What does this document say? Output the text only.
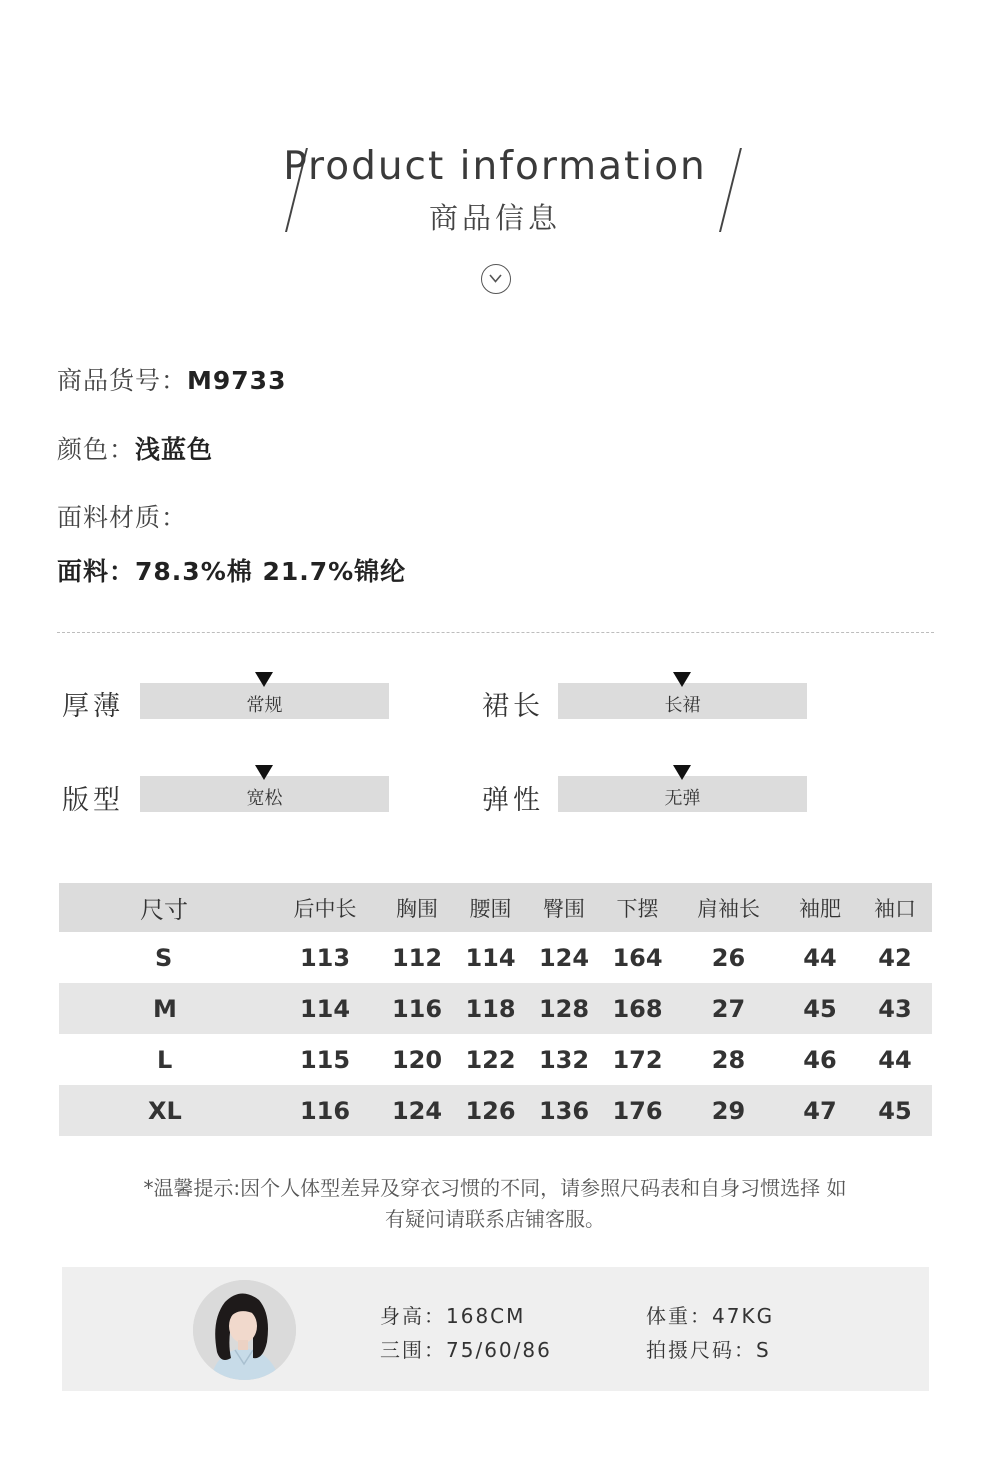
Product information
商品信息
商品货号：M9733
颜色：浅蓝色
面料材质：
面料：78.3%棉 21.7%锦纶
厚薄	常规	裙长	长裙
版型	宽松	弹性	无弹
尺寸	后中长	胸围	腰围	臀围	下摆	肩袖长	袖肥	袖口
S	113	112	114	124	164	26	44	42
M	114	116	118	128	168	27	45	43
L	115	120	122	132	172	28	46	44
XL	116	124	126	136	176	29	47	45
*温馨提示:因个人体型差异及穿衣习惯的不同，请参照尺码表和自身习惯选择 如
有疑问请联系店铺客服。
身高：168CM	体重：47KG
三围：75/60/86	拍摄尺码：S
